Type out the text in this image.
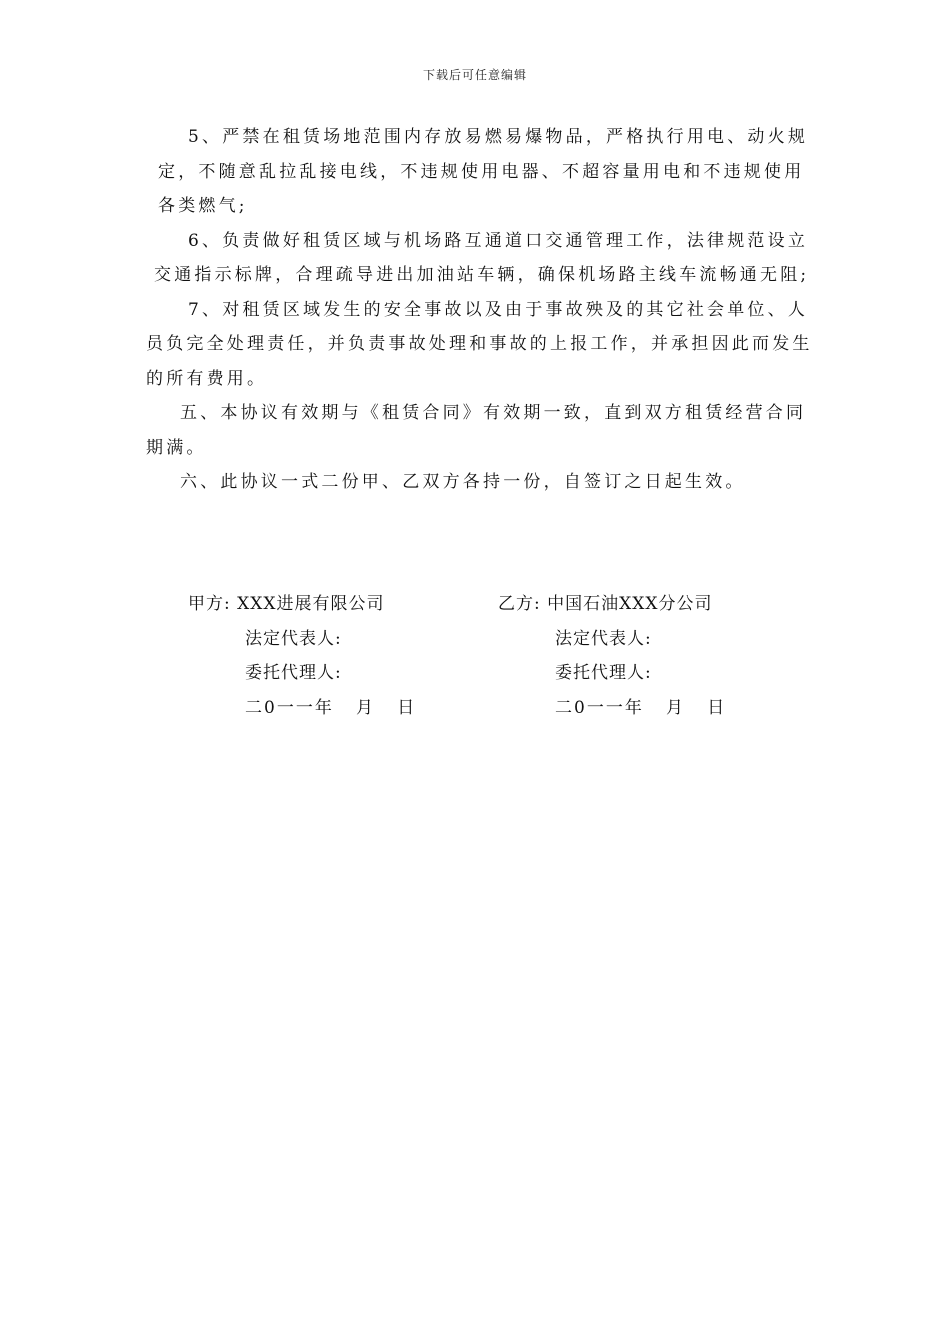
下载后可任意编辑

5、严禁在租赁场地范围内存放易燃易爆物品，严格执行用电、动火规定，不随意乱拉乱接电线，不违规使用电器、不超容量用电和不违规使用各类燃气;

6、负责做好租赁区域与机场路互通道口交通管理工作，法律规范设立交通指示标牌，合理疏导进出加油站车辆，确保机场路主线车流畅通无阻;

7、对租赁区域发生的安全事故以及由于事故殃及的其它社会单位、人员负完全处理责任，并负责事故处理和事故的上报工作，并承担因此而发生的所有费用。

五、本协议有效期与《租赁合同》有效期一致，直到双方租赁经营合同期满。

六、此协议一式二份甲、乙双方各持一份，自签订之日起生效。

甲方: XXX进展有限公司
法定代表人:
委托代理人:
二0一一年   月   日
乙方: 中国石油XXX分公司
法定代表人:
委托代理人:
二0一一年   月   日
